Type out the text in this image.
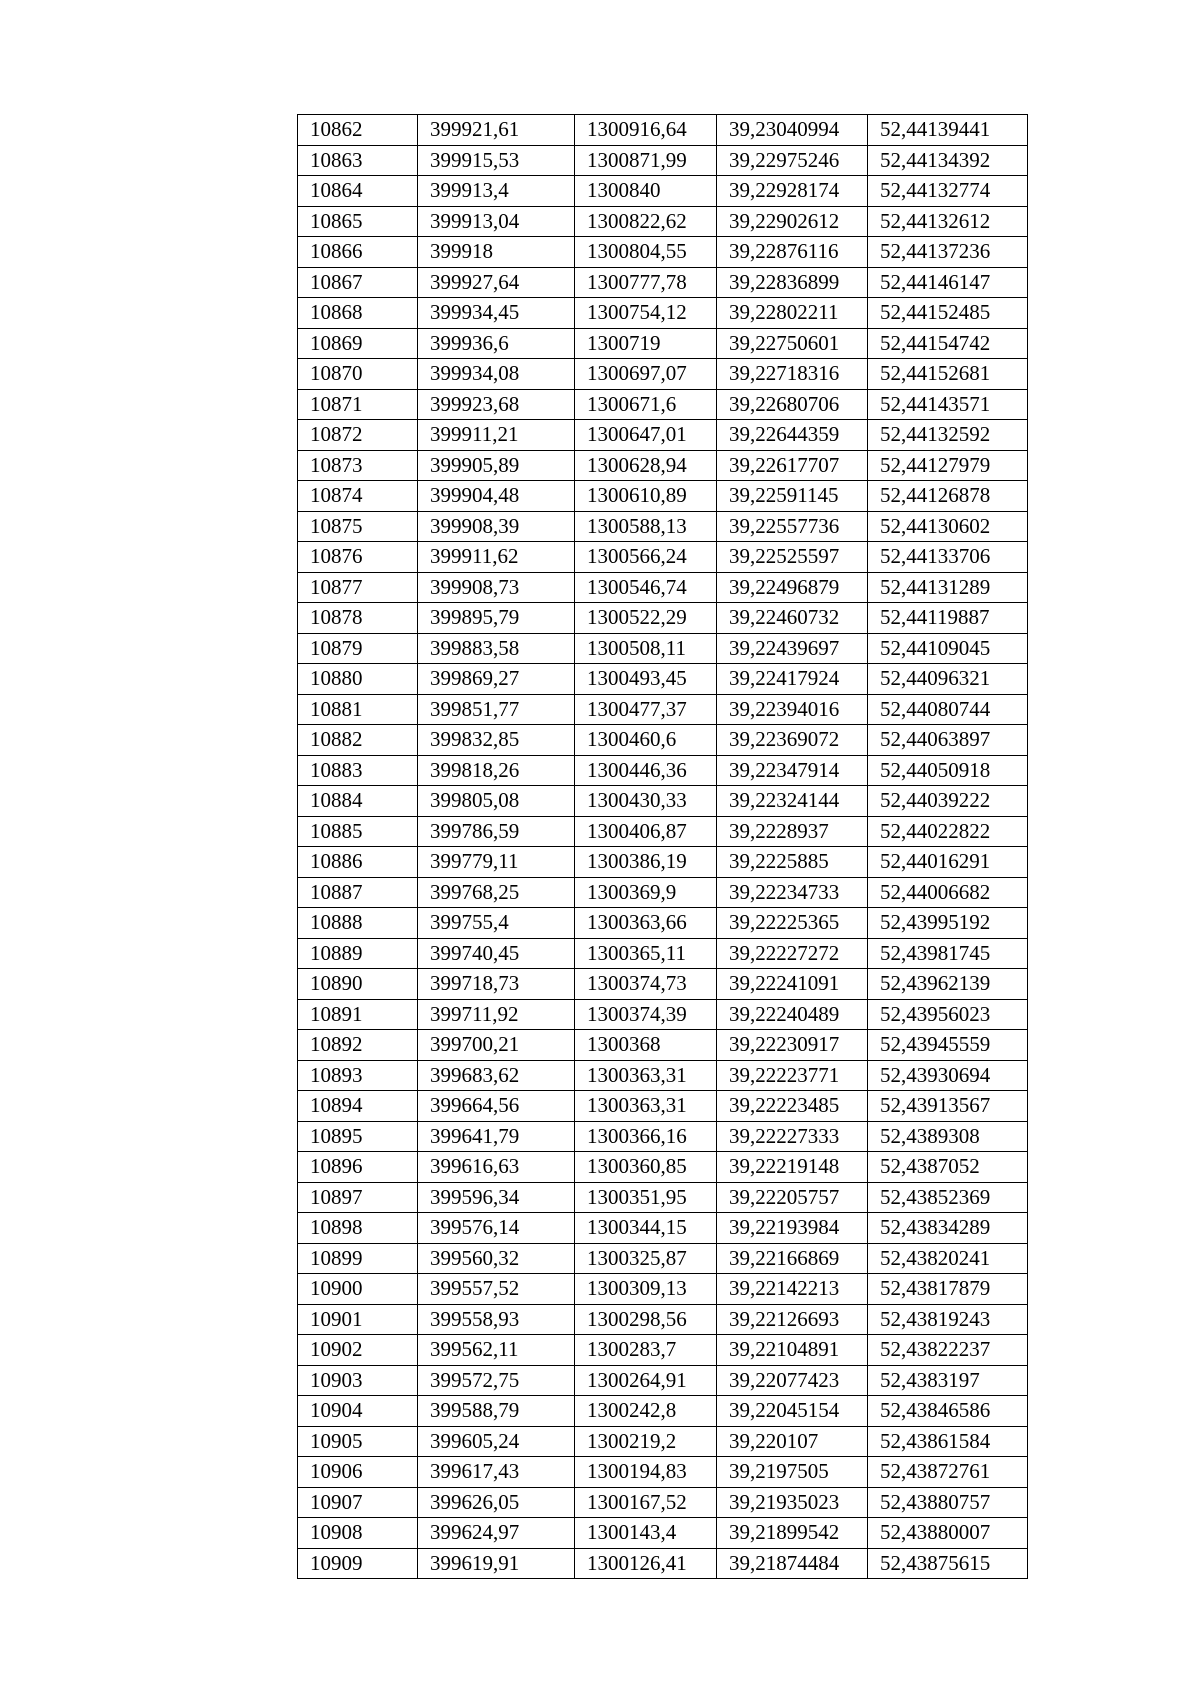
10862	399921,61	1300916,64	39,23040994	52,44139441
10863	399915,53	1300871,99	39,22975246	52,44134392
10864	399913,4	1300840	39,22928174	52,44132774
10865	399913,04	1300822,62	39,22902612	52,44132612
10866	399918	1300804,55	39,22876116	52,44137236
10867	399927,64	1300777,78	39,22836899	52,44146147
10868	399934,45	1300754,12	39,22802211	52,44152485
10869	399936,6	1300719	39,22750601	52,44154742
10870	399934,08	1300697,07	39,22718316	52,44152681
10871	399923,68	1300671,6	39,22680706	52,44143571
10872	399911,21	1300647,01	39,22644359	52,44132592
10873	399905,89	1300628,94	39,22617707	52,44127979
10874	399904,48	1300610,89	39,22591145	52,44126878
10875	399908,39	1300588,13	39,22557736	52,44130602
10876	399911,62	1300566,24	39,22525597	52,44133706
10877	399908,73	1300546,74	39,22496879	52,44131289
10878	399895,79	1300522,29	39,22460732	52,44119887
10879	399883,58	1300508,11	39,22439697	52,44109045
10880	399869,27	1300493,45	39,22417924	52,44096321
10881	399851,77	1300477,37	39,22394016	52,44080744
10882	399832,85	1300460,6	39,22369072	52,44063897
10883	399818,26	1300446,36	39,22347914	52,44050918
10884	399805,08	1300430,33	39,22324144	52,44039222
10885	399786,59	1300406,87	39,2228937	52,44022822
10886	399779,11	1300386,19	39,2225885	52,44016291
10887	399768,25	1300369,9	39,22234733	52,44006682
10888	399755,4	1300363,66	39,22225365	52,43995192
10889	399740,45	1300365,11	39,22227272	52,43981745
10890	399718,73	1300374,73	39,22241091	52,43962139
10891	399711,92	1300374,39	39,22240489	52,43956023
10892	399700,21	1300368	39,22230917	52,43945559
10893	399683,62	1300363,31	39,22223771	52,43930694
10894	399664,56	1300363,31	39,22223485	52,43913567
10895	399641,79	1300366,16	39,22227333	52,4389308
10896	399616,63	1300360,85	39,22219148	52,4387052
10897	399596,34	1300351,95	39,22205757	52,43852369
10898	399576,14	1300344,15	39,22193984	52,43834289
10899	399560,32	1300325,87	39,22166869	52,43820241
10900	399557,52	1300309,13	39,22142213	52,43817879
10901	399558,93	1300298,56	39,22126693	52,43819243
10902	399562,11	1300283,7	39,22104891	52,43822237
10903	399572,75	1300264,91	39,22077423	52,4383197
10904	399588,79	1300242,8	39,22045154	52,43846586
10905	399605,24	1300219,2	39,220107	52,43861584
10906	399617,43	1300194,83	39,2197505	52,43872761
10907	399626,05	1300167,52	39,21935023	52,43880757
10908	399624,97	1300143,4	39,21899542	52,43880007
10909	399619,91	1300126,41	39,21874484	52,43875615
